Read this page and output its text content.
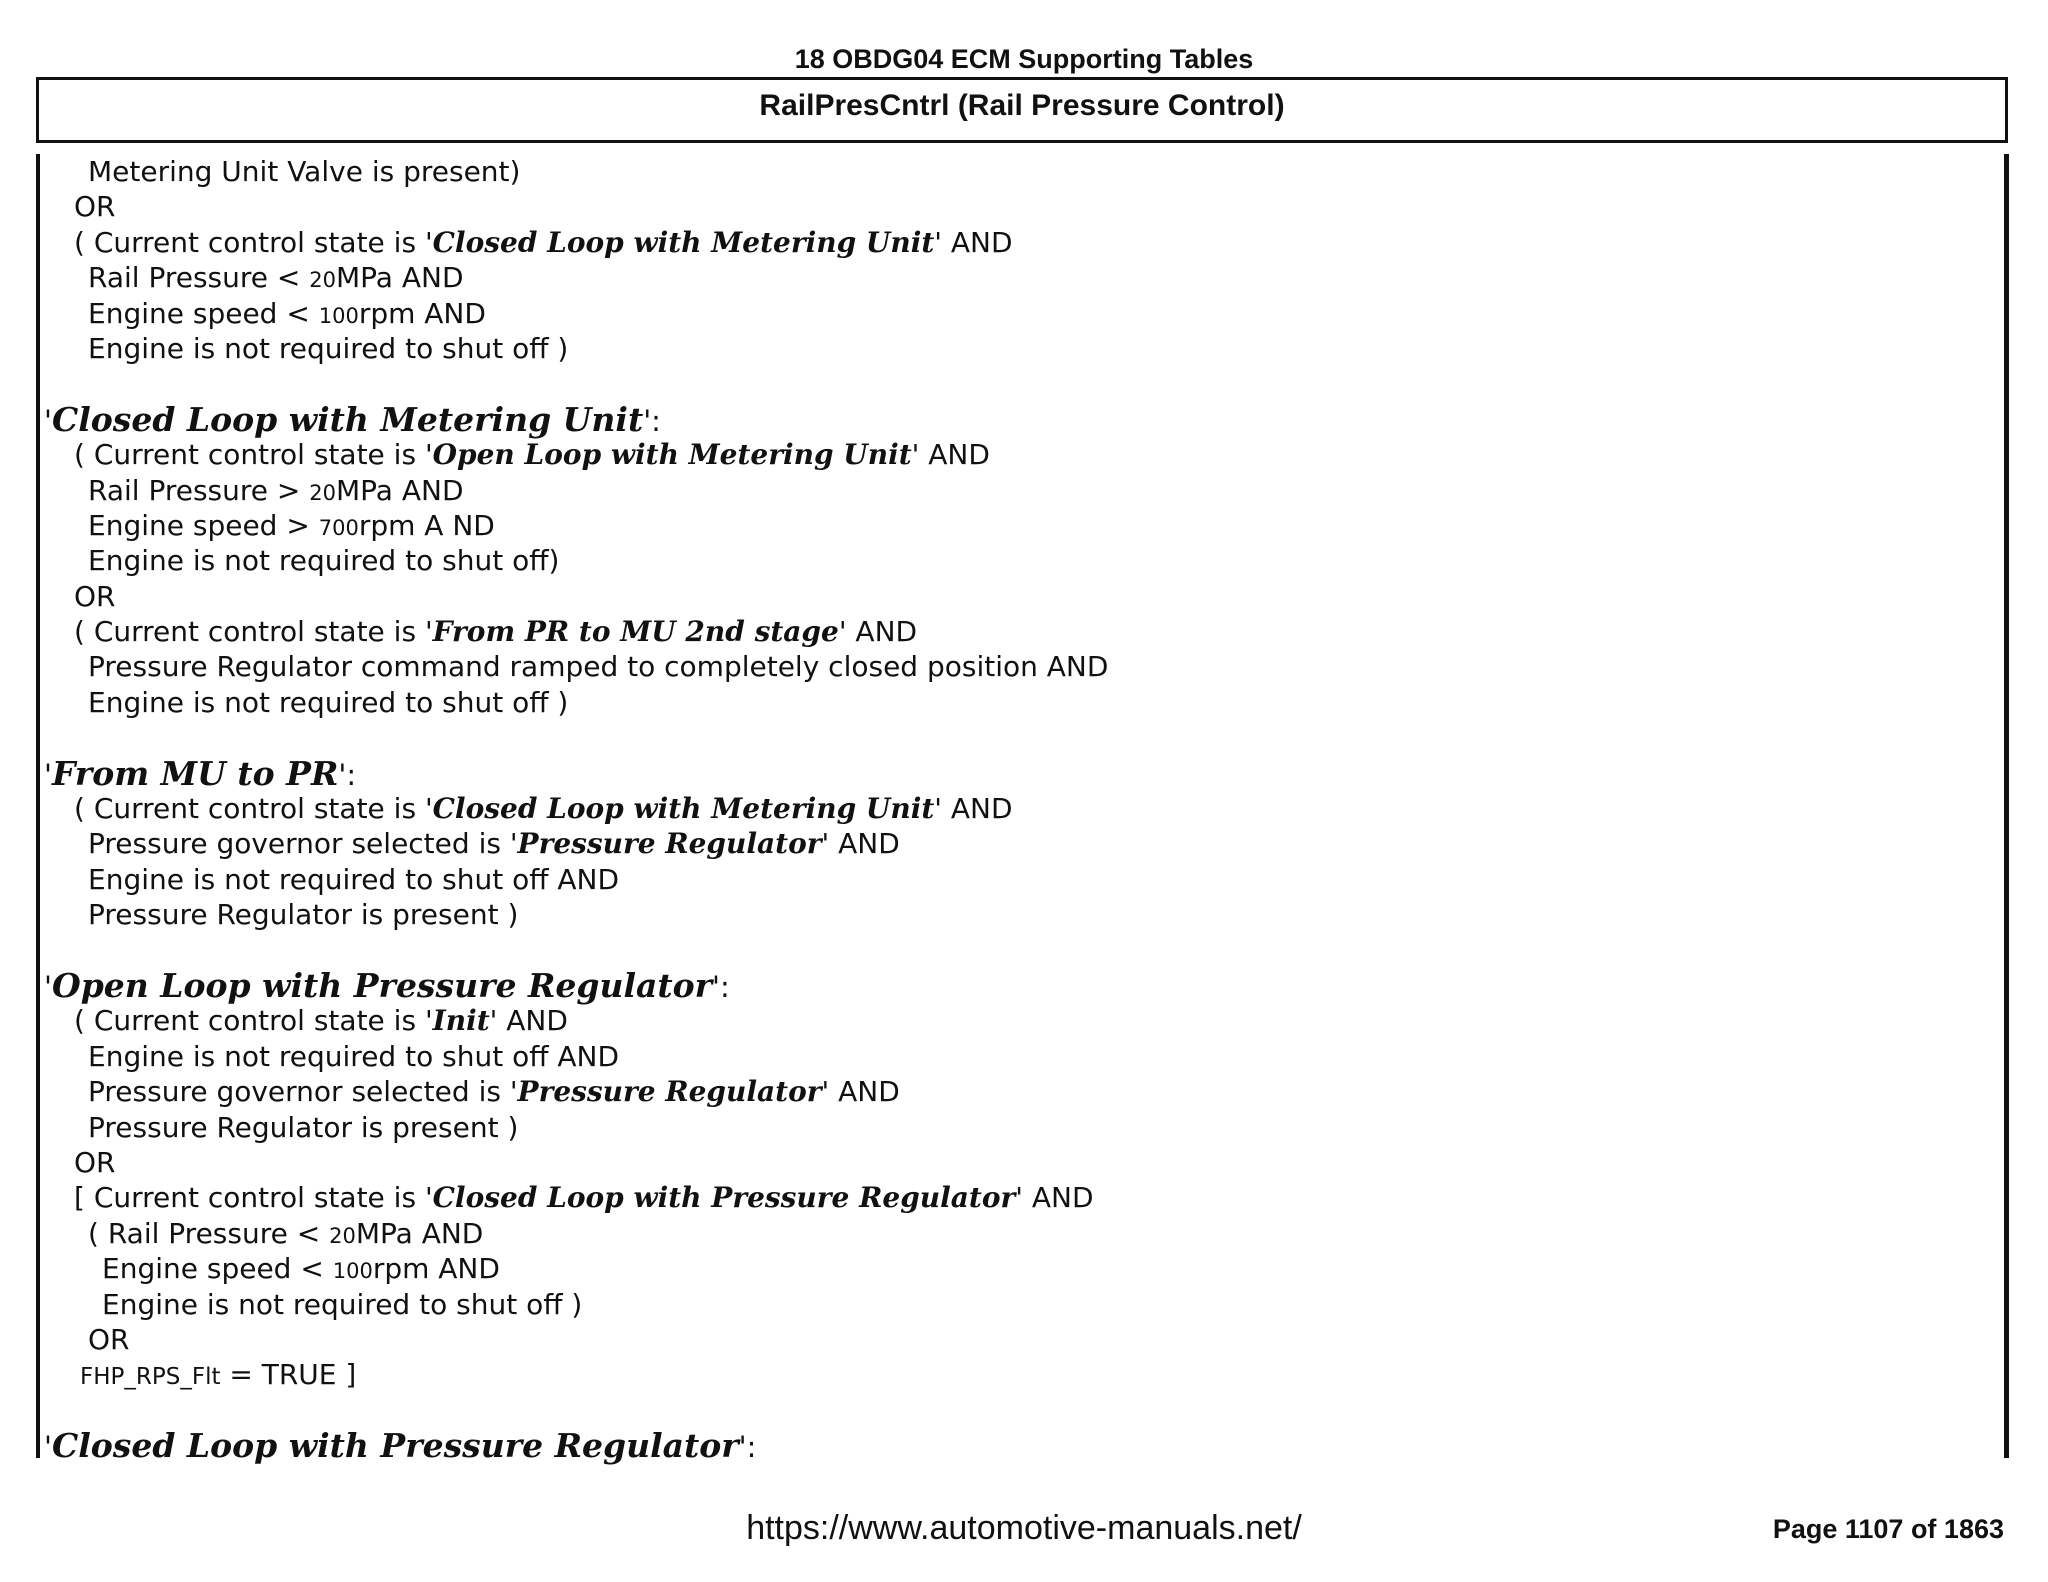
18 OBDG04 ECM Supporting Tables
RailPresCntrl (Rail Pressure Control)
Metering Unit Valve is present)
OR
( Current control state is 'Closed Loop with Metering Unit' AND
Rail Pressure < 20MPa AND
Engine speed < 100rpm AND
Engine is not required to shut off )
'Closed Loop with Metering Unit':
( Current control state is 'Open Loop with Metering Unit' AND
Rail Pressure > 20MPa AND
Engine speed > 700rpm A ND
Engine is not required to shut off)
OR
( Current control state is 'From PR to MU 2nd stage' AND
Pressure Regulator command ramped to completely closed position AND
Engine is not required to shut off )
'From MU to PR':
( Current control state is 'Closed Loop with Metering Unit' AND
Pressure governor selected is 'Pressure Regulator' AND
Engine is not required to shut off AND
Pressure Regulator is present )
'Open Loop with Pressure Regulator':
( Current control state is 'Init' AND
Engine is not required to shut off AND
Pressure governor selected is 'Pressure Regulator' AND
Pressure Regulator is present )
OR
[ Current control state is 'Closed Loop with Pressure Regulator' AND
( Rail Pressure < 20MPa AND
Engine speed < 100rpm AND
Engine is not required to shut off )
OR
FHP_RPS_Flt = TRUE ]
'Closed Loop with Pressure Regulator':
https://www.automotive-manuals.net/	Page 1107 of 1863
